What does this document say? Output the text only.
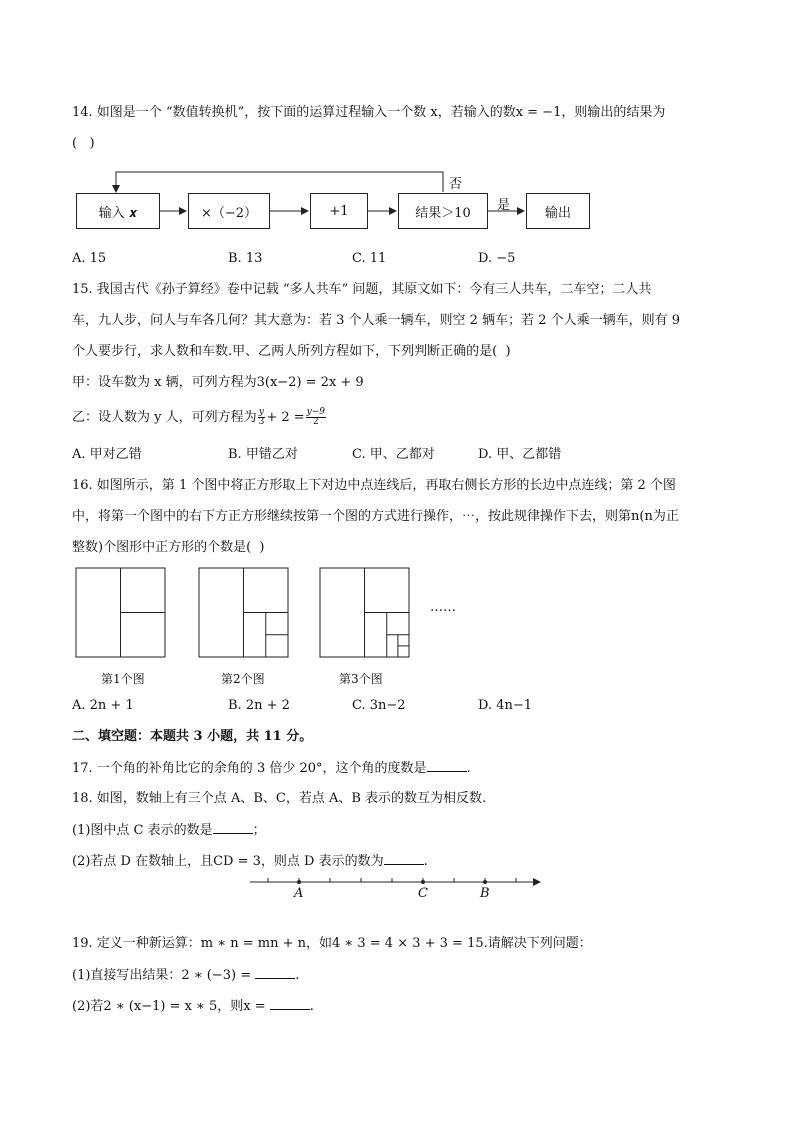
14. 如图是一个 “数值转换机”，按下面的运算过程输入一个数 x，若输入的数x = −1，则输出的结果为
(   )
输入 𝒙	×（−2）	+1	结果＞10	输出
是
否
A. 15	B. 13	C. 11	D. −5
15. 我国古代《孙子算经》卷中记载 “多人共车” 问题，其原文如下：今有三人共车，二车空；二人共
车，九人步，问人与车各几何？其大意为：若 3 个人乘一辆车，则空 2 辆车；若 2 个人乘一辆车，则有 9
个人要步行，求人数和车数.甲、乙两人所列方程如下，下列判断正确的是(  )
甲：设车数为 x 辆，可列方程为3(x−2) = 2x + 9
乙：设人数为 y 人，可列方程为 $\frac{y}{3} + 2 = \frac{y-9}{2}$
A. 甲对乙错	B. 甲错乙对	C. 甲、乙都对	D. 甲、乙都错
16. 如图所示，第 1 个图中将正方形取上下对边中点连线后，再取右侧长方形的长边中点连线；第 2 个图
中，将第一个图中的右下方正方形继续按第一个图的方式进行操作，⋯，按此规律操作下去，则第n(n为正
整数)个图形中正方形的个数是(  )
……
第1个图	第2个图	第3个图
A. 2n + 1	B. 2n + 2	C. 3n−2	D. 4n−1
二、填空题：本题共 3 小题，共 11 分。
17. 一个角的补角比它的余角的 3 倍少 20°，这个角的度数是	.
18. 如图，数轴上有三个点 A、B、C，若点 A、B 表示的数互为相反数.
(1)图中点 C 表示的数是	；
(2)若点 D 在数轴上，且CD = 3，则点 D 表示的数为	.
A	C	B
19. 定义一种新运算：m ∗ n = mn + n，如4 ∗ 3 = 4 × 3 + 3 = 15.请解决下列问题：
(1)直接写出结果：2 ∗ (−3) =	.
(2)若2 ∗ (x−1) = x ∗ 5，则x =	.
